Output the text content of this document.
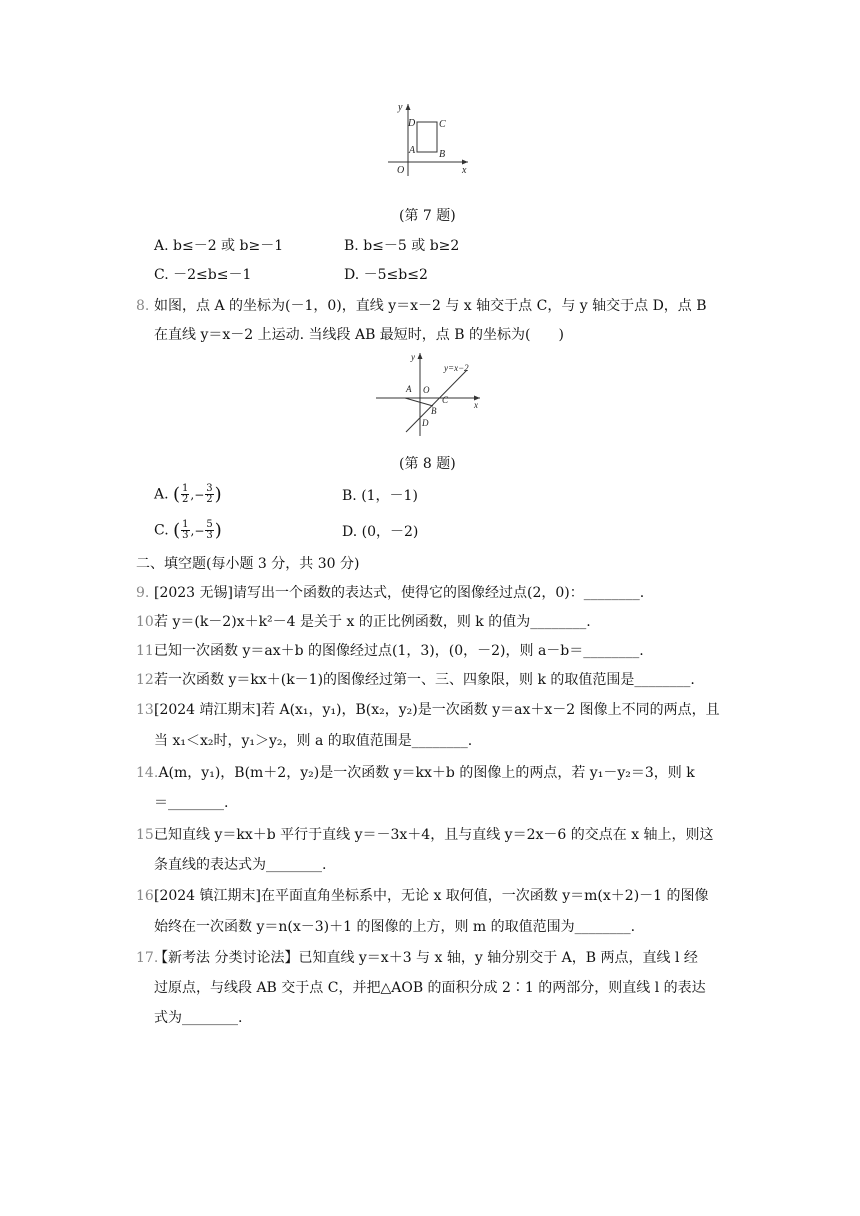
y
x
O
D C
A B
(第 7 题)
A. b≤－2 或 b≥－1	B. b≤－5 或 b≥2
C. －2≤b≤－1	D. －5≤b≤2
8. 如图，点 A 的坐标为(－1，0)，直线 y＝x－2 与 x 轴交于点 C，与 y 轴交于点 D，点 B
在直线 y＝x－2 上运动. 当线段 AB 最短时，点 B 的坐标为(　　)
y
y=x−2
A O
C	x
B
D
(第 8 题)
A. ( 1
2 ,− $\frac{3}{2}$ )	B. (1，－1)
C. ( 1
3 ,− $\frac{5}{3}$ )	D. (0，－2)
二、填空题(每小题 3 分，共 30 分)
9. [2023 无锡]请写出一个函数的表达式，使得它的图像经过点(2，0)：________.
10.若 y＝(k－2)x＋k²－4 是关于 x 的正比例函数，则 k 的值为________.
11.已知一次函数 y＝ax＋b 的图像经过点(1，3)，(0，－2)，则 a－b＝________.
12.若一次函数 y＝kx＋(k－1)的图像经过第一、三、四象限，则 k 的取值范围是________.
13.[2024 靖江期末]若 A(x₁，y₁)，B(x₂，y₂)是一次函数 y＝ax＋x－2 图像上不同的两点，且
当 x₁＜x₂时，y₁＞y₂，则 a 的取值范围是________.
14. A(m，y₁)，B(m＋2，y₂)是一次函数 y＝kx＋b 的图像上的两点，若 y₁－y₂＝3，则 k
＝________.
15.已知直线 y＝kx＋b 平行于直线 y＝－3x＋4，且与直线 y＝2x－6 的交点在 x 轴上，则这
条直线的表达式为________.
16.[2024 镇江期末]在平面直角坐标系中，无论 x 取何值，一次函数 y＝m(x＋2)－1 的图像
始终在一次函数 y＝n(x－3)＋1 的图像的上方，则 m 的取值范围为________.
17.【新考法 分类讨论法】已知直线 y＝x＋3 与 x 轴，y 轴分别交于 A，B 两点，直线 l 经
过原点，与线段 AB 交于点 C，并把△AOB 的面积分成 2∶1 的两部分，则直线 l 的表达
式为________.
